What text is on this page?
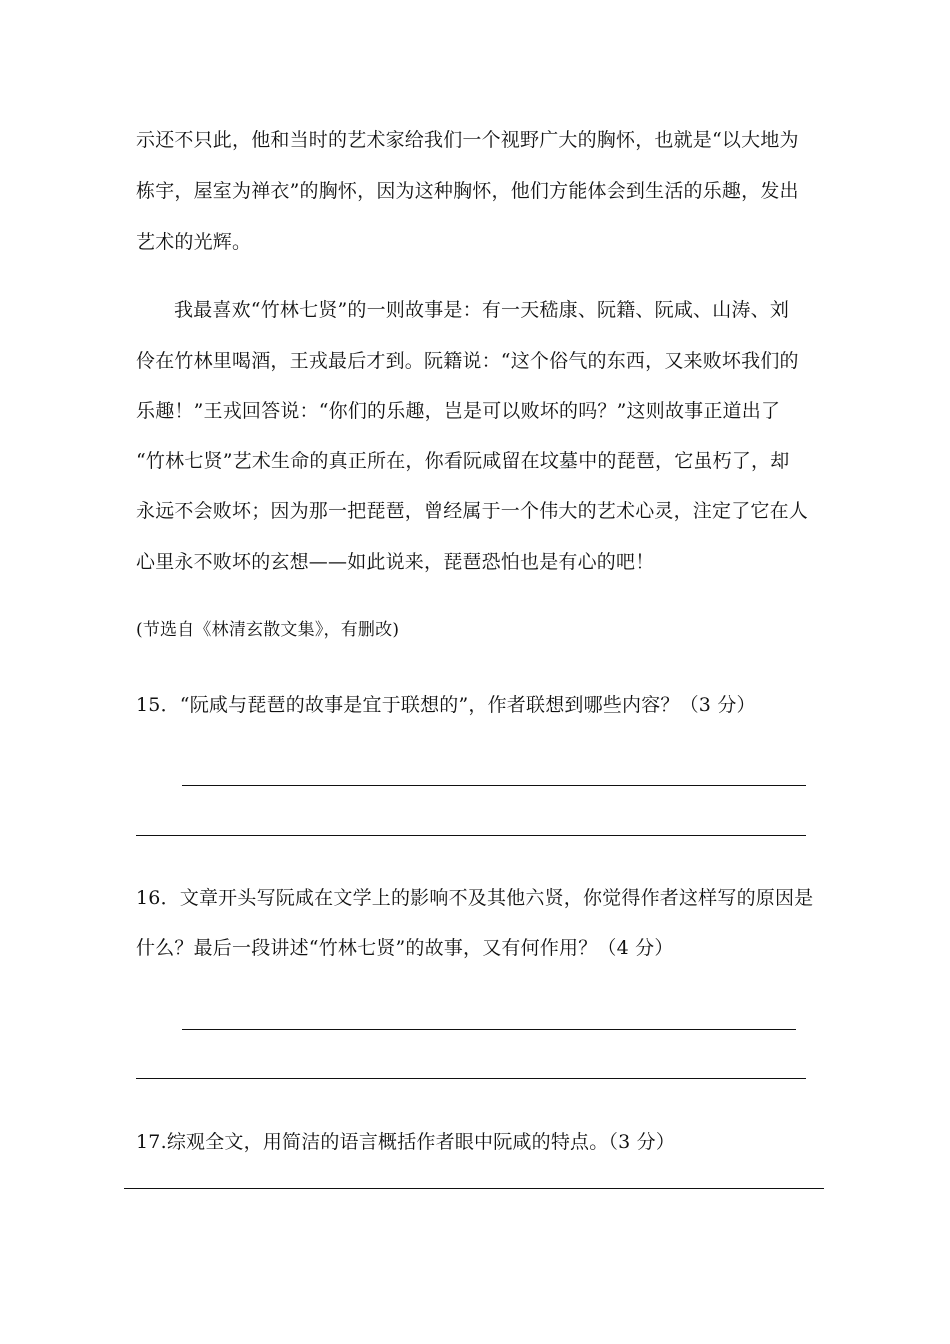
示还不只此，他和当时的艺术家给我们一个视野广大的胸怀，也就是“以大地为
栋宇，屋室为禅衣”的胸怀，因为这种胸怀，他们方能体会到生活的乐趣，发出
艺术的光辉。
我最喜欢“竹林七贤”的一则故事是：有一天嵇康、阮籍、阮咸、山涛、刘
伶在竹林里喝酒，王戎最后才到。阮籍说：“这个俗气的东西，又来败坏我们的
乐趣！”王戎回答说：“你们的乐趣，岂是可以败坏的吗？”这则故事正道出了
“竹林七贤”艺术生命的真正所在，你看阮咸留在坟墓中的琵琶，它虽朽了，却
永远不会败坏；因为那一把琵琶，曾经属于一个伟大的艺术心灵，注定了它在人
心里永不败坏的玄想——如此说来，琵琶恐怕也是有心的吧！
(节选自《林清玄散文集》，有删改)
15．“阮咸与琵琶的故事是宜于联想的”，作者联想到哪些内容？（3 分）
16．文章开头写阮咸在文学上的影响不及其他六贤，你觉得作者这样写的原因是
什么？最后一段讲述“竹林七贤”的故事，又有何作用？（4 分）
17.综观全文，用简洁的语言概括作者眼中阮咸的特点。（3 分）
